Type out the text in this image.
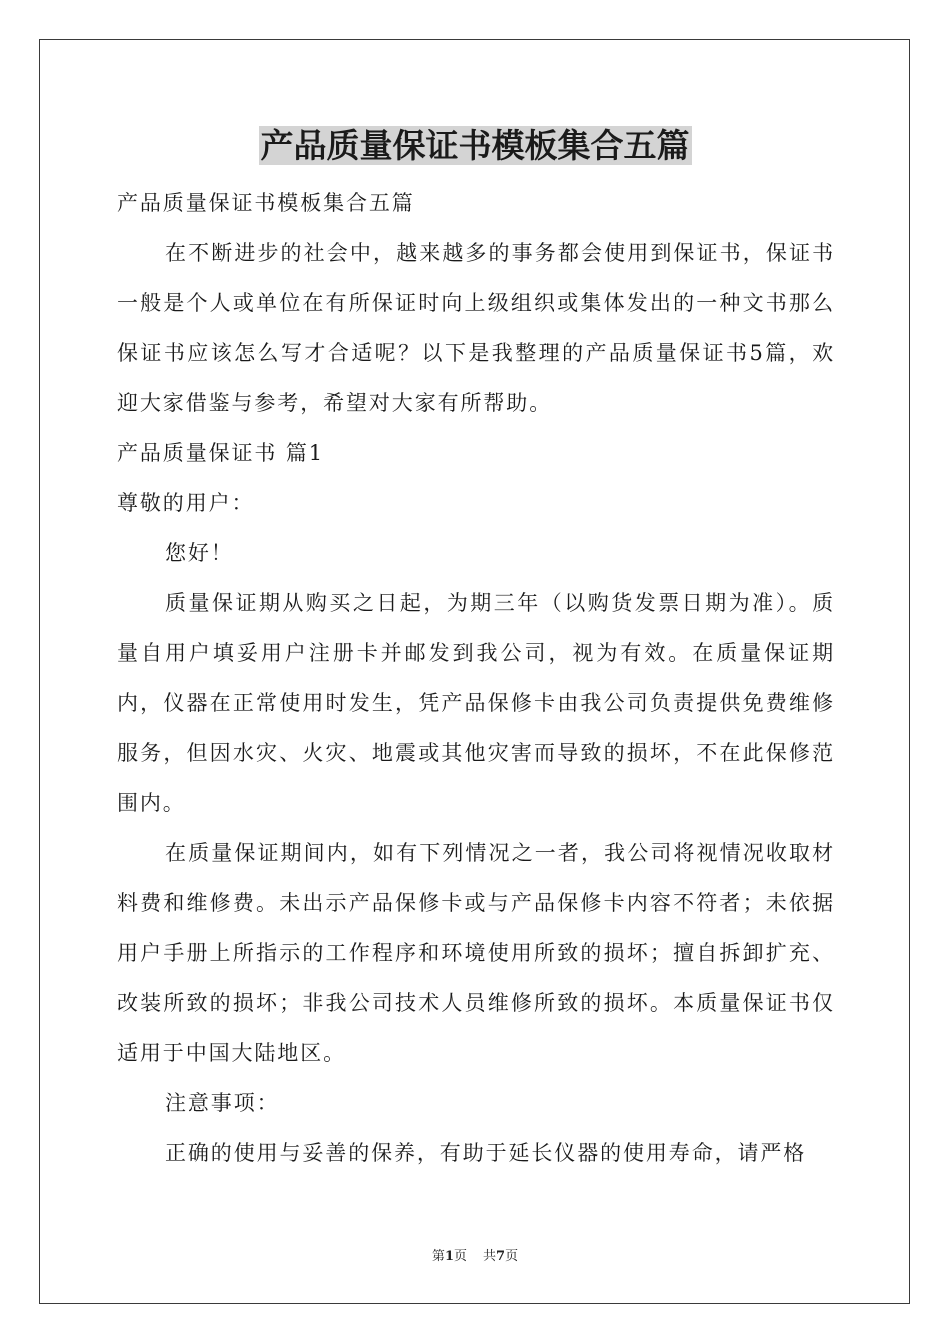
产品质量保证书模板集合五篇

产品质量保证书模板集合五篇

在不断进步的社会中，越来越多的事务都会使用到保证书，保证书一般是个人或单位在有所保证时向上级组织或集体发出的一种文书那么保证书应该怎么写才合适呢？以下是我整理的产品质量保证书5篇，欢迎大家借鉴与参考，希望对大家有所帮助。

产品质量保证书 篇1

尊敬的用户：

您好！

质量保证期从购买之日起，为期三年（以购货发票日期为准）。质量自用户填妥用户注册卡并邮发到我公司，视为有效。在质量保证期内，仪器在正常使用时发生，凭产品保修卡由我公司负责提供免费维修服务，但因水灾、火灾、地震或其他灾害而导致的损坏，不在此保修范围内。

在质量保证期间内，如有下列情况之一者，我公司将视情况收取材料费和维修费。未出示产品保修卡或与产品保修卡内容不符者；未依据用户手册上所指示的工作程序和环境使用所致的损坏；擅自拆卸扩充、改装所致的损坏；非我公司技术人员维修所致的损坏。本质量保证书仅适用于中国大陆地区。

注意事项：

正确的使用与妥善的保养，有助于延长仪器的使用寿命，请严格

第1页 共7页
